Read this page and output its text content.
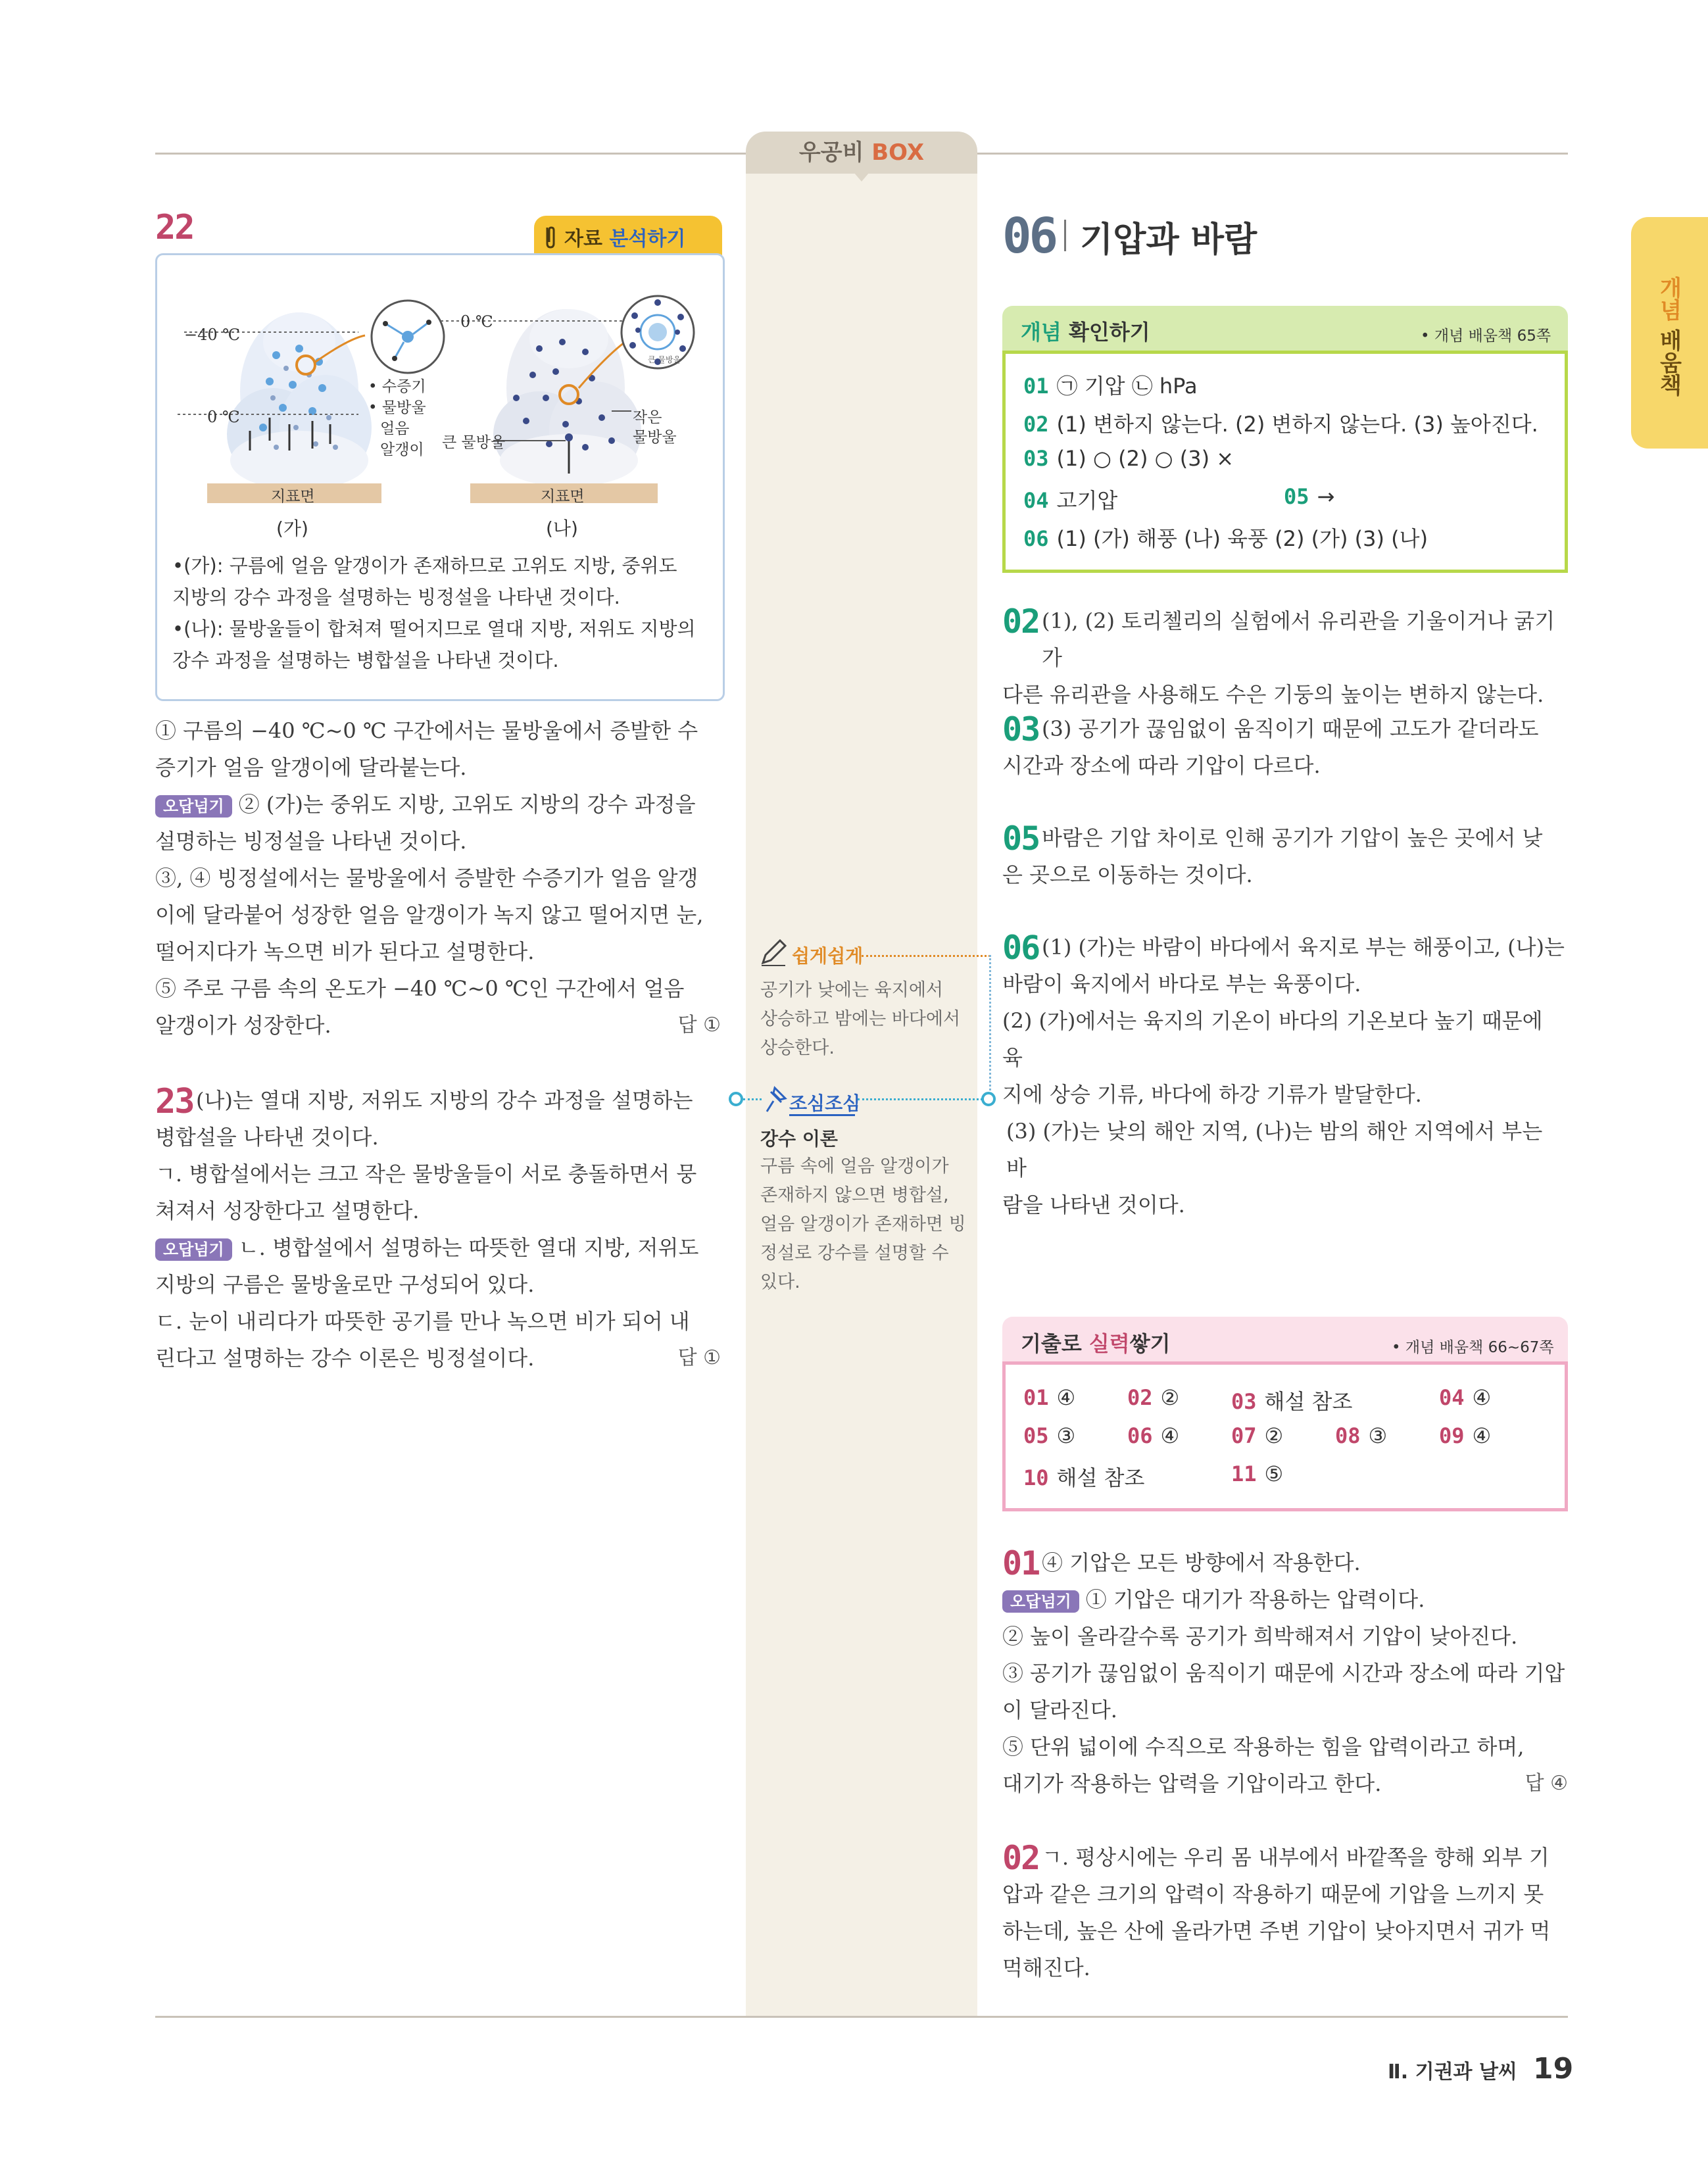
우공비 BOX
개념 배움책
22	자료 분석하기
−40 ℃
0 ℃
0 ℃
• 수증기
• 물방울
얼음
알갱이 큰 물방울
작은
물방울
큰 물방울
지표면	지표면
(가)	(나)

•(가): 구름에 얼음 알갱이가 존재하므로 고위도 지방, 중위도

지방의 강수 과정을 설명하는 빙정설을 나타낸 것이다.

•(나): 물방울들이 합쳐져 떨어지므로 열대 지방, 저위도 지방의

강수 과정을 설명하는 병합설을 나타낸 것이다.

① 구름의 −40 ℃~0 ℃ 구간에서는 물방울에서 증발한 수

증기가 얼음 알갱이에 달라붙는다.

오답넘기 ② (가)는 중위도 지방, 고위도 지방의 강수 과정을

설명하는 빙정설을 나타낸 것이다.

③, ④ 빙정설에서는 물방울에서 증발한 수증기가 얼음 알갱

이에 달라붙어 성장한 얼음 알갱이가 녹지 않고 떨어지면 눈,

떨어지다가 녹으면 비가 된다고 설명한다.

⑤ 주로 구름 속의 온도가 −40 ℃~0 ℃인 구간에서 얼음

알갱이가 성장한다.	답 ①

23 (나)는 열대 지방, 저위도 지방의 강수 과정을 설명하는

병합설을 나타낸 것이다.

ㄱ. 병합설에서는 크고 작은 물방울들이 서로 충돌하면서 뭉

쳐져서 성장한다고 설명한다.

오답넘기 ㄴ. 병합설에서 설명하는 따뜻한 열대 지방, 저위도

지방의 구름은 물방울로만 구성되어 있다.

ㄷ. 눈이 내리다가 따뜻한 공기를 만나 녹으면 비가 되어 내

린다고 설명하는 강수 이론은 빙정설이다.	답 ①

쉽게쉽게

공기가 낮에는 육지에서

상승하고 밤에는 바다에서

상승한다.

조심조심
강수 이론

구름 속에 얼음 알갱이가

존재하지 않으면 병합설,

얼음 알갱이가 존재하면 빙

정설로 강수를 설명할 수

있다.

06 기압과 바람
개념 확인하기	• 개념 배움책 65쪽
01 ㉠ 기압 ㉡ hPa
02 (1) 변하지 않는다. (2) 변하지 않는다. (3) 높아진다.
03 (1) ○ (2) ○ (3) ×
04 고기압	05 →
06 (1) (가) 해풍 (나) 육풍 (2) (가) (3) (나)
02 (1), (2) 토리첼리의 실험에서 유리관을 기울이거나 굵기가

다른 유리관을 사용해도 수은 기둥의 높이는 변하지 않는다.

03 (3) 공기가 끊임없이 움직이기 때문에 고도가 같더라도

시간과 장소에 따라 기압이 다르다.

05 바람은 기압 차이로 인해 공기가 기압이 높은 곳에서 낮

은 곳으로 이동하는 것이다.

06 (1) (가)는 바람이 바다에서 육지로 부는 해풍이고, (나)는

바람이 육지에서 바다로 부는 육풍이다.

(2) (가)에서는 육지의 기온이 바다의 기온보다 높기 때문에 육

지에 상승 기류, 바다에 하강 기류가 발달한다.

(3) (가)는 낮의 해안 지역, (나)는 밤의 해안 지역에서 부는 바

람을 나타낸 것이다.

기출로 실력쌓기	• 개념 배움책 66~67쪽
01 ④ 02 ② 03 해설 참조	04 ④
05 ③ 06 ④ 07 ② 08 ③ 09 ④
10 해설 참조	11 ⑤
01 ④ 기압은 모든 방향에서 작용한다.

오답넘기 ① 기압은 대기가 작용하는 압력이다.

② 높이 올라갈수록 공기가 희박해져서 기압이 낮아진다.

③ 공기가 끊임없이 움직이기 때문에 시간과 장소에 따라 기압

이 달라진다.

⑤ 단위 넓이에 수직으로 작용하는 힘을 압력이라고 하며,

대기가 작용하는 압력을 기압이라고 한다.	답 ④

02 ㄱ. 평상시에는 우리 몸 내부에서 바깥쪽을 향해 외부 기

압과 같은 크기의 압력이 작용하기 때문에 기압을 느끼지 못

하는데, 높은 산에 올라가면 주변 기압이 낮아지면서 귀가 먹

먹해진다.

Ⅱ. 기권과 날씨 19
